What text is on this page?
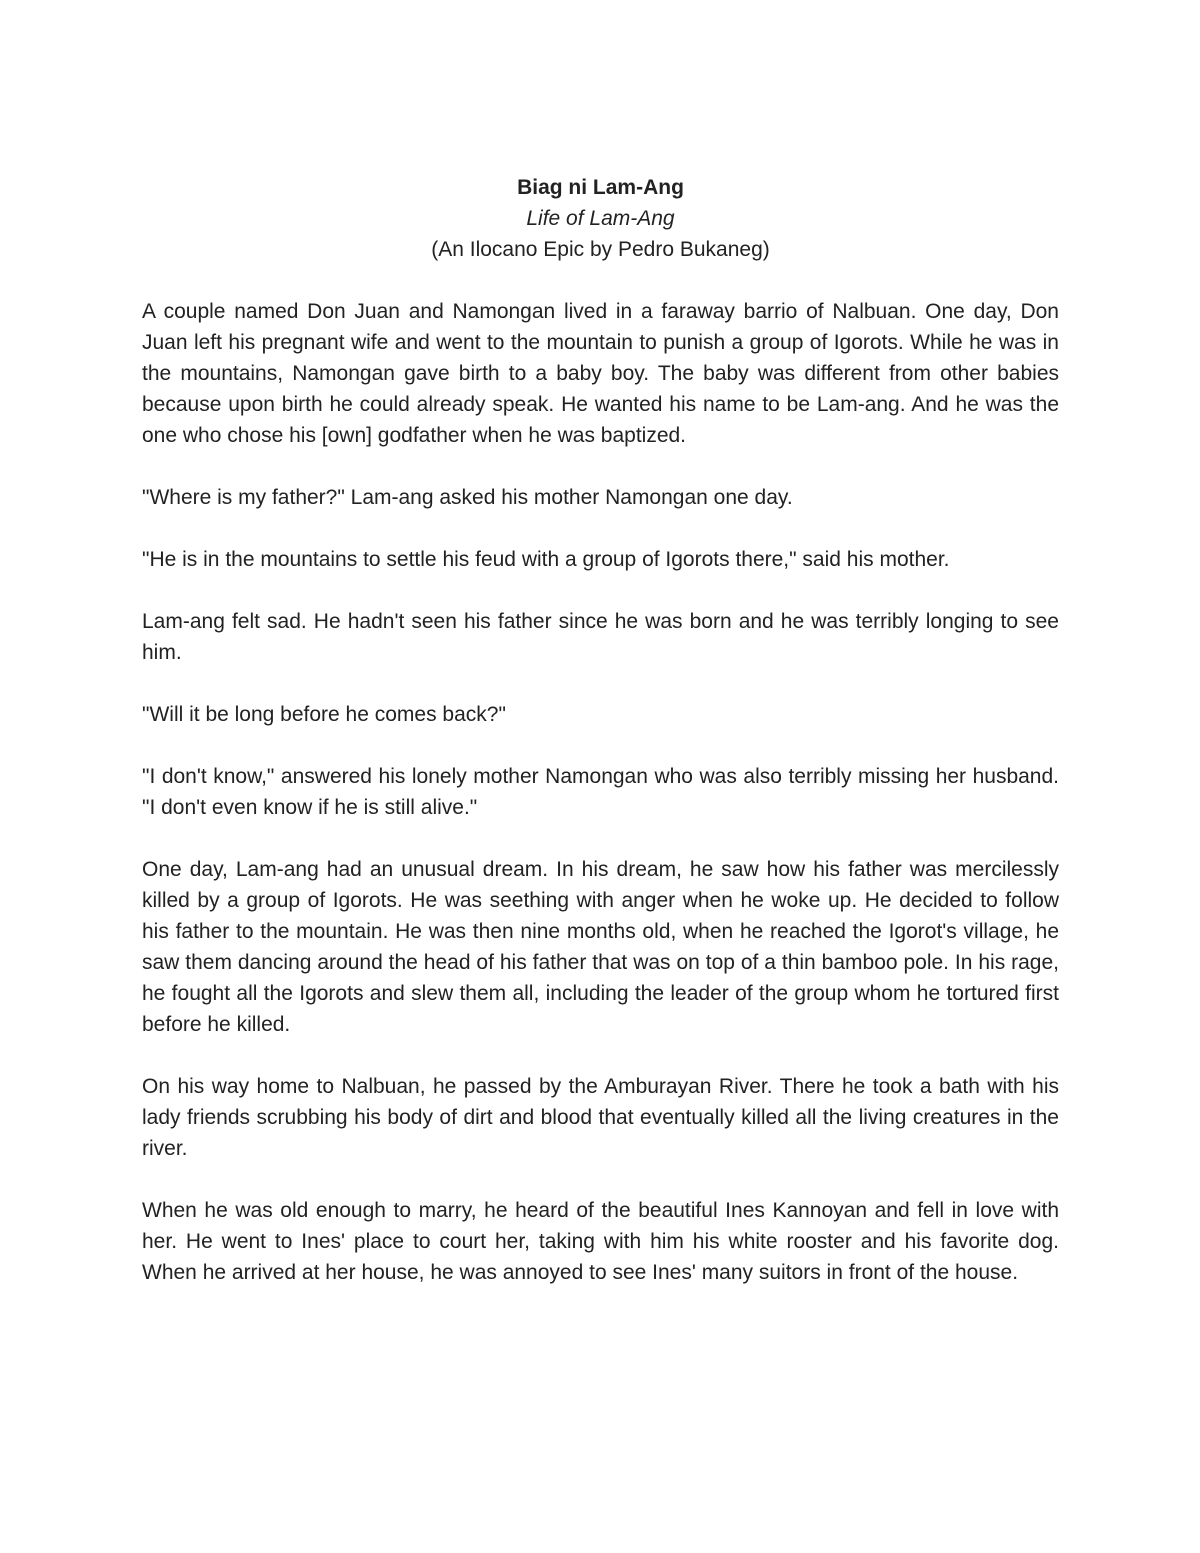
Biag ni Lam-Ang

Life of Lam-Ang

(An Ilocano Epic by Pedro Bukaneg)

A couple named Don Juan and Namongan lived in a faraway barrio of Nalbuan. One day, Don Juan left his pregnant wife and went to the mountain to punish a group of Igorots. While he was in the mountains, Namongan gave birth to a baby boy. The baby was different from other babies because upon birth he could already speak. He wanted his name to be Lam-ang. And he was the one who chose his [own] godfather when he was baptized.

"Where is my father?" Lam-ang asked his mother Namongan one day.

"He is in the mountains to settle his feud with a group of Igorots there," said his mother.

Lam-ang felt sad. He hadn't seen his father since he was born and he was terribly longing to see him.

"Will it be long before he comes back?"

"I don't know," answered his lonely mother Namongan who was also terribly missing her husband. "I don't even know if he is still alive."

One day, Lam-ang had an unusual dream. In his dream, he saw how his father was mercilessly killed by a group of Igorots. He was seething with anger when he woke up. He decided to follow his father to the mountain. He was then nine months old, when he reached the Igorot's village, he saw them dancing around the head of his father that was on top of a thin bamboo pole. In his rage, he fought all the Igorots and slew them all, including the leader of the group whom he tortured first before he killed.

On his way home to Nalbuan, he passed by the Amburayan River. There he took a bath with his lady friends scrubbing his body of dirt and blood that eventually killed all the living creatures in the river.

When he was old enough to marry, he heard of the beautiful Ines Kannoyan and fell in love with her. He went to Ines' place to court her, taking with him his white rooster and his favorite dog. When he arrived at her house, he was annoyed to see Ines' many suitors in front of the house.
